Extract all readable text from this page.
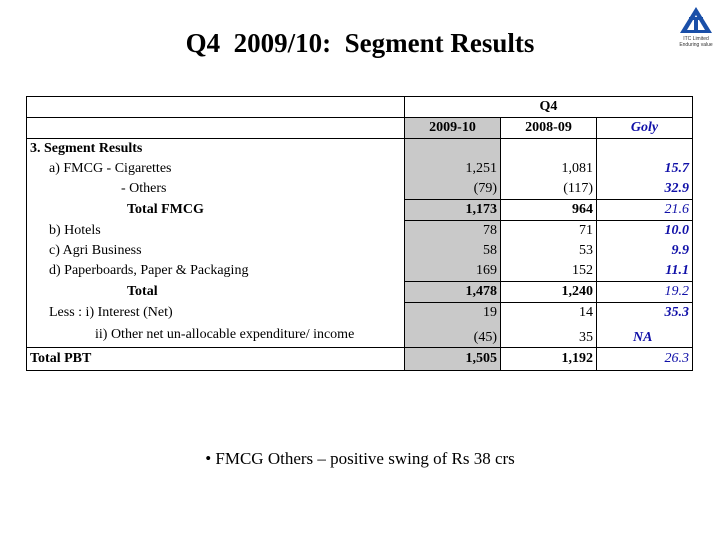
Q4  2009/10:  Segment Results	ITC Limited
Enduring value
	Q4		
	2009-10	2008-09	Goly
3. Segment Results			
a) FMCG - Cigarettes	1,251	1,081	15.7
- Others	(79)	(117)	32.9
Total FMCG	1,173	964	21.6
b) Hotels	78	71	10.0
c) Agri Business	58	53	9.9
d) Paperboards, Paper & Packaging	169	152	11.1
Total	1,478	1,240	19.2
Less : i) Interest (Net)	19	14	35.3
ii) Other net un-allocable expenditure/ income	(45)	35	NA
Total PBT	1,505	1,192	26.3
• FMCG Others – positive swing of Rs 38 crs
